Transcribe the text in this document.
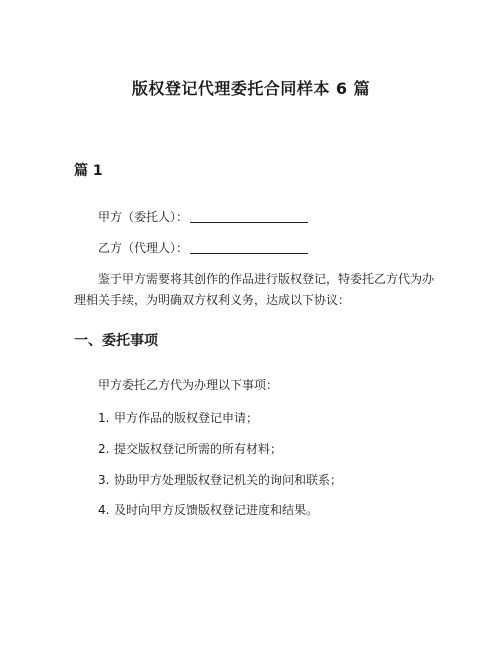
版权登记代理委托合同样本 6 篇
篇 1
甲方（委托人）：
乙方（代理人）：
鉴于甲方需要将其创作的作品进行版权登记，特委托乙方代为办理相关手续，为明确双方权利义务，达成以下协议：
一、委托事项
甲方委托乙方代为办理以下事项：
1. 甲方作品的版权登记申请；
2. 提交版权登记所需的所有材料；
3. 协助甲方处理版权登记机关的询问和联系；
4. 及时向甲方反馈版权登记进度和结果。
